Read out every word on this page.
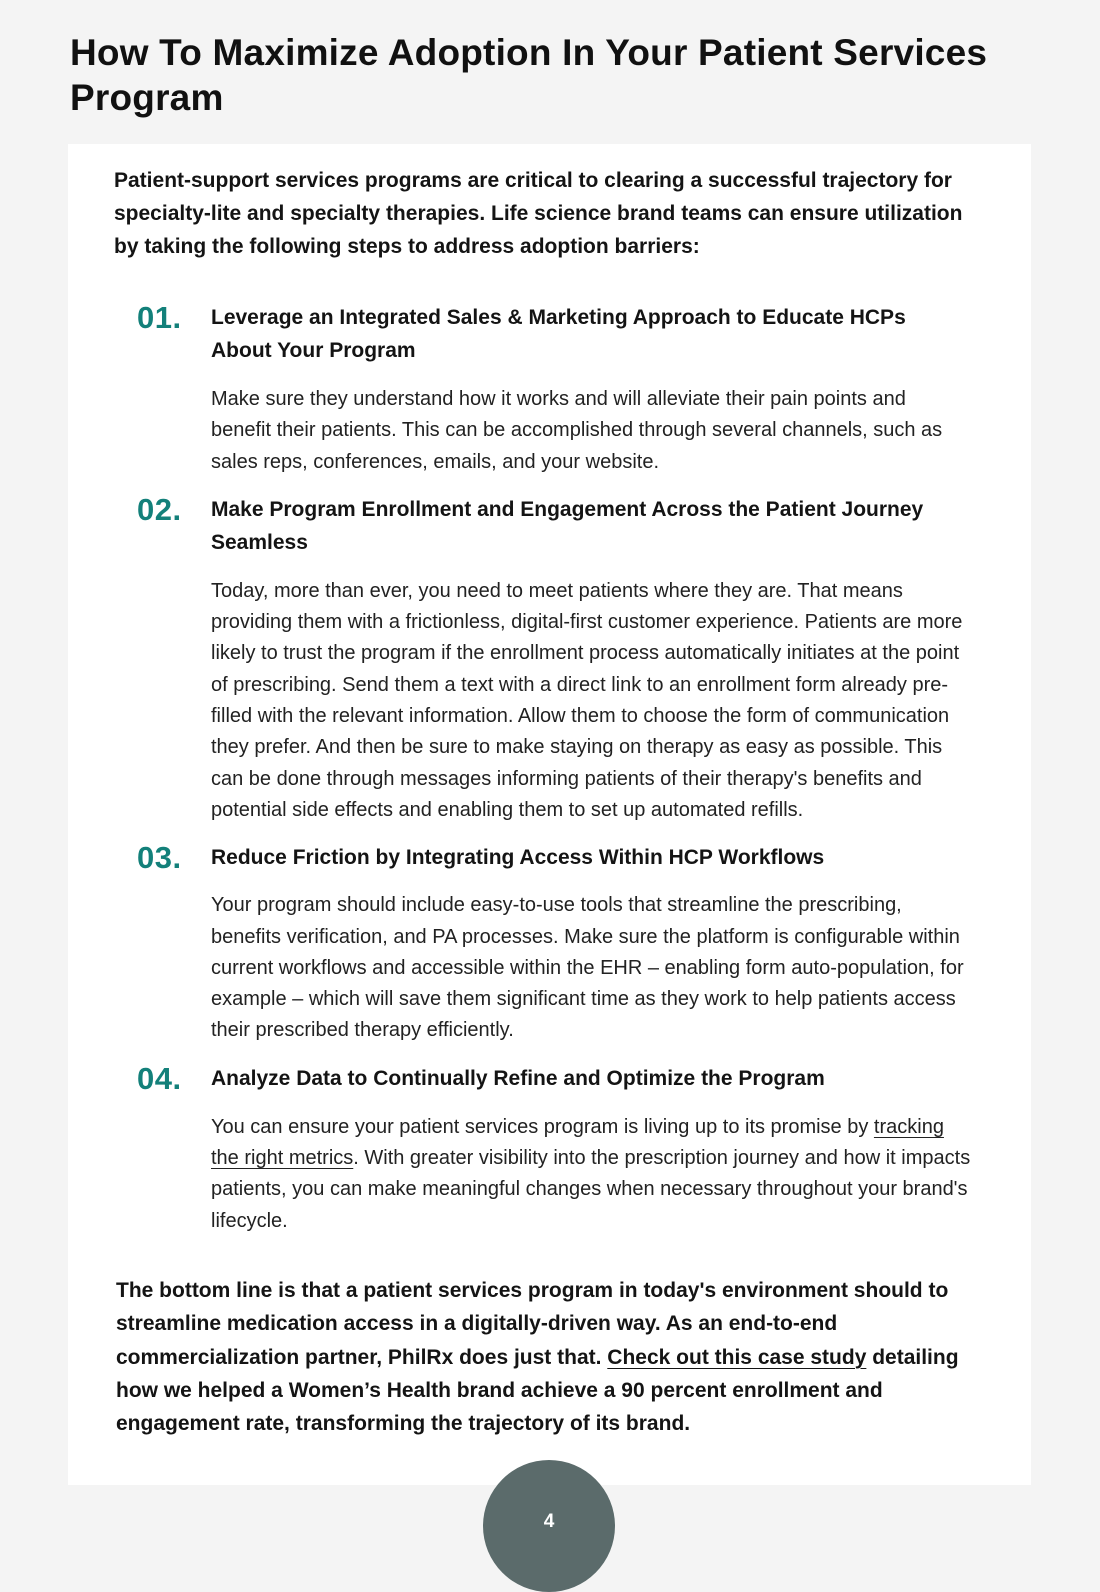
How To Maximize Adoption In Your Patient Services Program

Patient-support services programs are critical to clearing a successful trajectory for specialty-lite and specialty therapies. Life science brand teams can ensure utilization by taking the following steps to address adoption barriers:

01.	Leverage an Integrated Sales & Marketing Approach to Educate HCPs About Your Program

Make sure they understand how it works and will alleviate their pain points and benefit their patients. This can be accomplished through several channels, such as sales reps, conferences, emails, and your website.

02.	Make Program Enrollment and Engagement Across the Patient Journey Seamless

Today, more than ever, you need to meet patients where they are. That means providing them with a frictionless, digital-first customer experience. Patients are more likely to trust the program if the enrollment process automatically initiates at the point of prescribing. Send them a text with a direct link to an enrollment form already pre-filled with the relevant information. Allow them to choose the form of communication they prefer. And then be sure to make staying on therapy as easy as possible. This can be done through messages informing patients of their therapy's benefits and potential side effects and enabling them to set up automated refills.

03.	Reduce Friction by Integrating Access Within HCP Workflows

Your program should include easy-to-use tools that streamline the prescribing, benefits verification, and PA processes. Make sure the platform is configurable within current workflows and accessible within the EHR – enabling form auto-population, for example – which will save them significant time as they work to help patients access their prescribed therapy efficiently.

04.	Analyze Data to Continually Refine and Optimize the Program

You can ensure your patient services program is living up to its promise by tracking the right metrics. With greater visibility into the prescription journey and how it impacts patients, you can make meaningful changes when necessary throughout your brand's lifecycle.

The bottom line is that a patient services program in today's environment should to streamline medication access in a digitally-driven way. As an end-to-end commercialization partner, PhilRx does just that. Check out this case study detailing how we helped a Women’s Health brand achieve a 90 percent enrollment and engagement rate, transforming the trajectory of its brand.

4
